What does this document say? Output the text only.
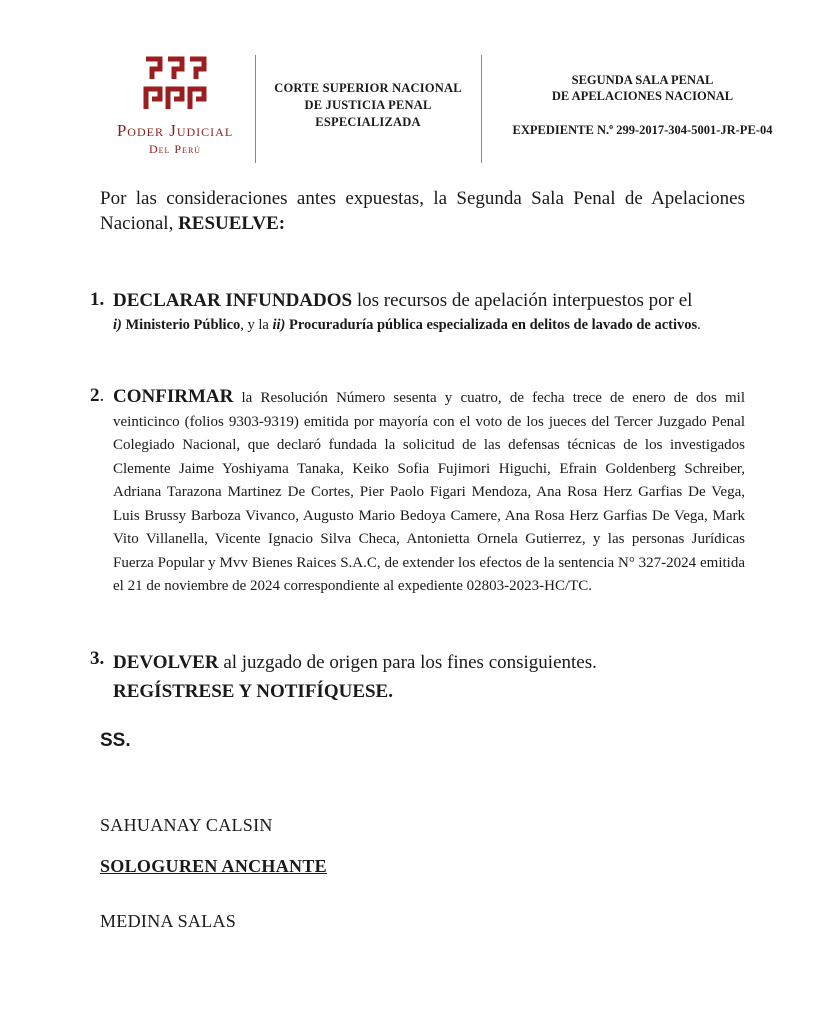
Poder Judicial
Del Perú
CORTE SUPERIOR NACIONAL
DE JUSTICIA PENAL
ESPECIALIZADA
SEGUNDA SALA PENAL
DE APELACIONES NACIONAL
EXPEDIENTE N.$^o$ 299-2017-304-5001-JR-PE-04
Por las consideraciones antes expuestas, la Segunda Sala Penal de Apelaciones Nacional, RESUELVE:
1. DECLARAR INFUNDADOS los recursos de apelación interpuestos por el
i) Ministerio Público, y la ii) Procuraduría pública especializada en delitos de lavado de activos.
2. CONFIRMAR la Resolución Número sesenta y cuatro, de fecha trece de enero de dos mil veinticinco (folios 9303-9319) emitida por mayoría con el voto de los jueces del Tercer Juzgado Penal Colegiado Nacional, que declaró fundada la solicitud de las defensas técnicas de los investigados Clemente Jaime Yoshiyama Tanaka, Keiko Sofia Fujimori Higuchi, Efrain Goldenberg Schreiber, Adriana Tarazona Martinez De Cortes, Pier Paolo Figari Mendoza, Ana Rosa Herz Garfias De Vega, Luis Brussy Barboza Vivanco, Augusto Mario Bedoya Camere, Ana Rosa Herz Garfias De Vega, Mark Vito Villanella, Vicente Ignacio Silva Checa, Antonietta Ornela Gutierrez, y las personas Jurídicas Fuerza Popular y Mvv Bienes Raices S.A.C, de extender los efectos de la sentencia N° 327-2024 emitida el 21 de noviembre de 2024 correspondiente al expediente 02803-2023-HC/TC.
3. DEVOLVER al juzgado de origen para los fines consiguientes.
REGÍSTRESE Y NOTIFÍQUESE.
SS.
SAHUANAY CALSIN
SOLOGUREN ANCHANTE
MEDINA SALAS
